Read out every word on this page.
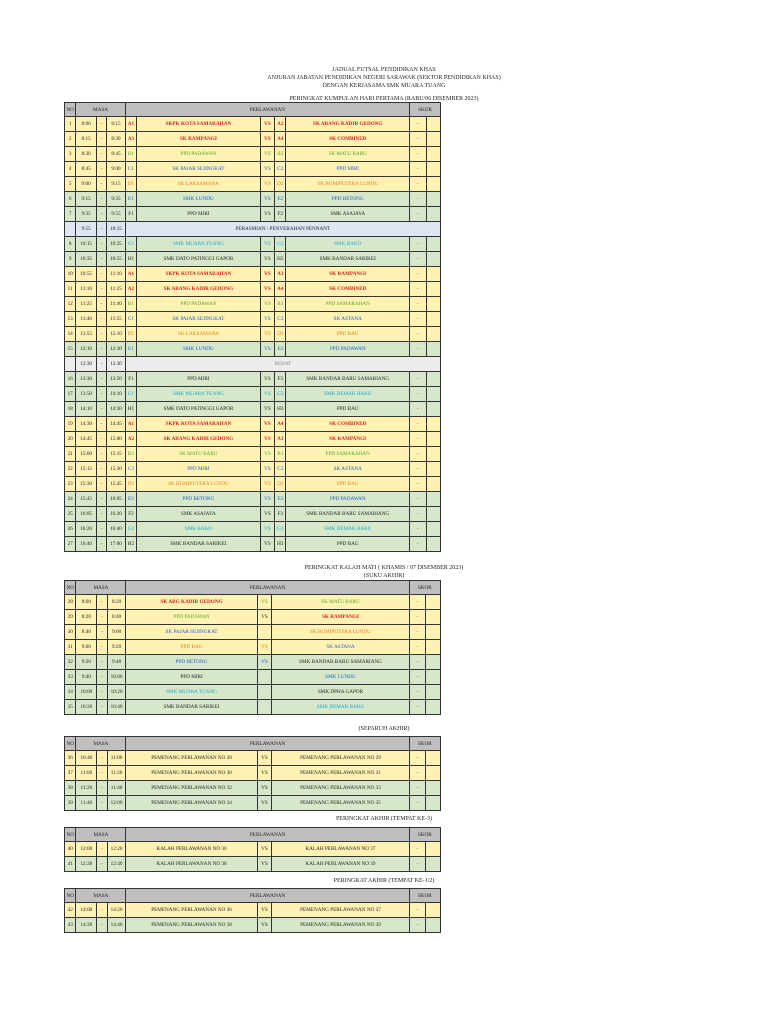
JADUAL FUTSAL PENDIDIKAN KHAS
ANJURAN JABATAN PENDIDIKAN NEGERI SARAWAK (SEKTOR PENDIDIKAN KHAS)
DENGAN KERJASAMA SMK MUARA TUANG
PERINGKAT KUMPULAN HARI PERTAMA (RABU/06 DISEMBER 2023)
NO	MASA			PERLAWANAN					SKOR	
1	8:00	-	8:15	A1	SKPK KOTA SAMARAHAN	VS	A2	SK ABANG KADIR GEDONG	-	
2	8:15	-	8:30	A3	SK RAMPANGI	VS	A4	SK COMBINED	-	
3	8:30	-	8:45	B1	PPD PADAWAN	VS	B2	SK MATU BARU	-	
4	8:45	-	9:00	C1	SK PAJAR SEJINGKAT	VS	C2	PPD MIRI	-	
5	9:00	-	9:15	D1	SK LAKSAMANA	VS	D2	SK BUMIPUTERA LUNDU	-	
6	9:15	-	9:35	E1	SMK LUNDU	VS	E2	PPD BETONG	-	
7	9:35	-	9:55	F1	PPD MIRI	VS	F2	SMK ASAJAYA	-	
	9:55	-	10:15	PERASMIAN / PENYERAHAN PENNANT						
8	10:15	-	10:35	G1	SMK MUARA TUANG	VS	G2	SMK BAKO	-	
9	10:35	-	10:55	H1	SMK DATO PATINGGI GAPOR	VS	H2	SMK BANDAR SARIKEI	-	
10	10:55	-	11:10	A1	SKPK KOTA SAMARAHAN	VS	A3	SK RAMPANGI	-	
11	11:10	-	11:25	A2	SK ABANG KADIR GEDONG	VS	A4	SK COMBINED	-	
12	11:25	-	11:40	B1	PPD PADAWAN	VS	B3	PPD SAMARAHAN	-	
13	11:40	-	11:55	C1	SK PAJAR SEJINGKAT	VS	C3	SK ASTANA	-	
14	11:55	-	12:10	D1	SK LAKSAMANA	VS	D3	PPD BAU	-	
15	12:10	-	12:30	E1	SMK LUNDU	VS	E3	PPD PADAWAN	-	
	12:30	-	13:30	REHAT						
16	13:30	-	13:50	F1	PPD MIRI	VS	F3	SMK BANDAR BARU SAMARIANG	-	
17	13:50	-	14:10	G1	SMK MUARA TUANG	VS	G3	SMK DEMAK BARU	-	
18	14:10	-	14:30	H1	SMK DATO PATINGGI GAPOR	VS	H3	PPD BAU	-	
19	14:30	-	14:45	A1	SKPK KOTA SAMARAHAN	VS	A4	SK COMBINED	-	
20	14:45	-	15:00	A2	SK ABANG KADIR GEDONG	VS	A3	SK RAMPANGI	-	
21	15:00	-	15:15	B2	SK MATU BARU	VS	B3	PPD SAMARAHAN	-	
22	15:15	-	15:30	C2	PPD MIRI	VS	C3	SK ASTANA	-	
23	15:30	-	15:45	D2	SK BUMIPUTERA LUNDU	VS	D3	PPD BAU	-	
24	15:45	-	16:05	E2	PPD BETONG	VS	E3	PPD PADAWAN	-	
25	16:05	-	16:20	F2	SMK ASAJAYA	VS	F3	SMK BANDAR BARU SAMARIANG	-	
26	16:20	-	16:40	G2	SMK BAKO	VS	G3	SMK DEMAK BARU	-	
27	16:40	-	17:00	H2	SMK BANDAR SARIKEI	VS	H3	PPD BAU	-	
PERINGKAT KALAH MATI ( KHAMIS / 07 DISEMBER 2023)
(SUKU AKHIR)
NO	MASA			PERLAWANAN			SKOR	
28	8:00	-	8:20	SK ABG KADIR GEDONG	VS	SK MATU BARU	-	
29	8:20	-	8:40	PPD PADAWAN	VS	SK RAMPANGI	-	
30	8:40	-	9:00	SK PAJAR SEJINGKAT		SK BUMIPUTERA LUNDU	-	
31	9:00	-	9:20	PPD BAU	VS	SK ASTANA	-	
32	9:20	-	9:40	PPD BETONG	VS	SMK BANDAR BARU SAMARIANG	-	
33	9:40	-	10:00	PPD MIRI		SMK LUNDU	-	
34	10:00	-	10:20	SMK MUARA TUANG		SMK DPHA GAPOR	-	
35	10:20	-	10:40	SMK BANDAR SARIKEI		SMK DEMAK BARU	-	
(SEPARUH AKHIR)
NO	MASA			PERLAWANAN			SKOR	
36	10:40	-	11:00	PEMENANG PERLAWANAN NO 28	VS	PEMENANG PERLAWANAN NO 29	-	
37	11:00	-	11:20	PEMENANG PERLAWANAN NO 30	VS	PEMENANG PERLAWANAN NO 31	-	
38	11:20	-	11:40	PEMENANG PERLAWANAN NO 32	VS	PEMENANG PERLAWANAN NO 33	-	
39	11:40	-	12:00	PEMENANG PERLAWANAN NO 34	VS	PEMENANG PERLAWANAN NO 35	-	
PERINGKAT AKHIR (TEMPAT KE-3)
NO	MASA			PERLAWANAN			SKOR	
40	12:00	-	12:20	KALAH PERLAWANAN NO 36	VS	KALAH PERLAWANAN NO 37	-	
41	12:20	-	12:40	KALAH PERLAWANAN NO 38	VS	KALAH PERLAWANAN NO 39	-	
PERINGKAT AKHIR (TEMPAT KE-1/2)
NO	MASA			PERLAWANAN			SKOR	
42	14:00	-	14:20	PEMENANG PERLAWANAN NO 36	VS	PEMENANG PERLAWANAN NO 37	-	
43	14:20	-	14:40	PEMENANG PERLAWANAN NO 38	VS	PEMENANG PERLAWANAN NO 39	-	
